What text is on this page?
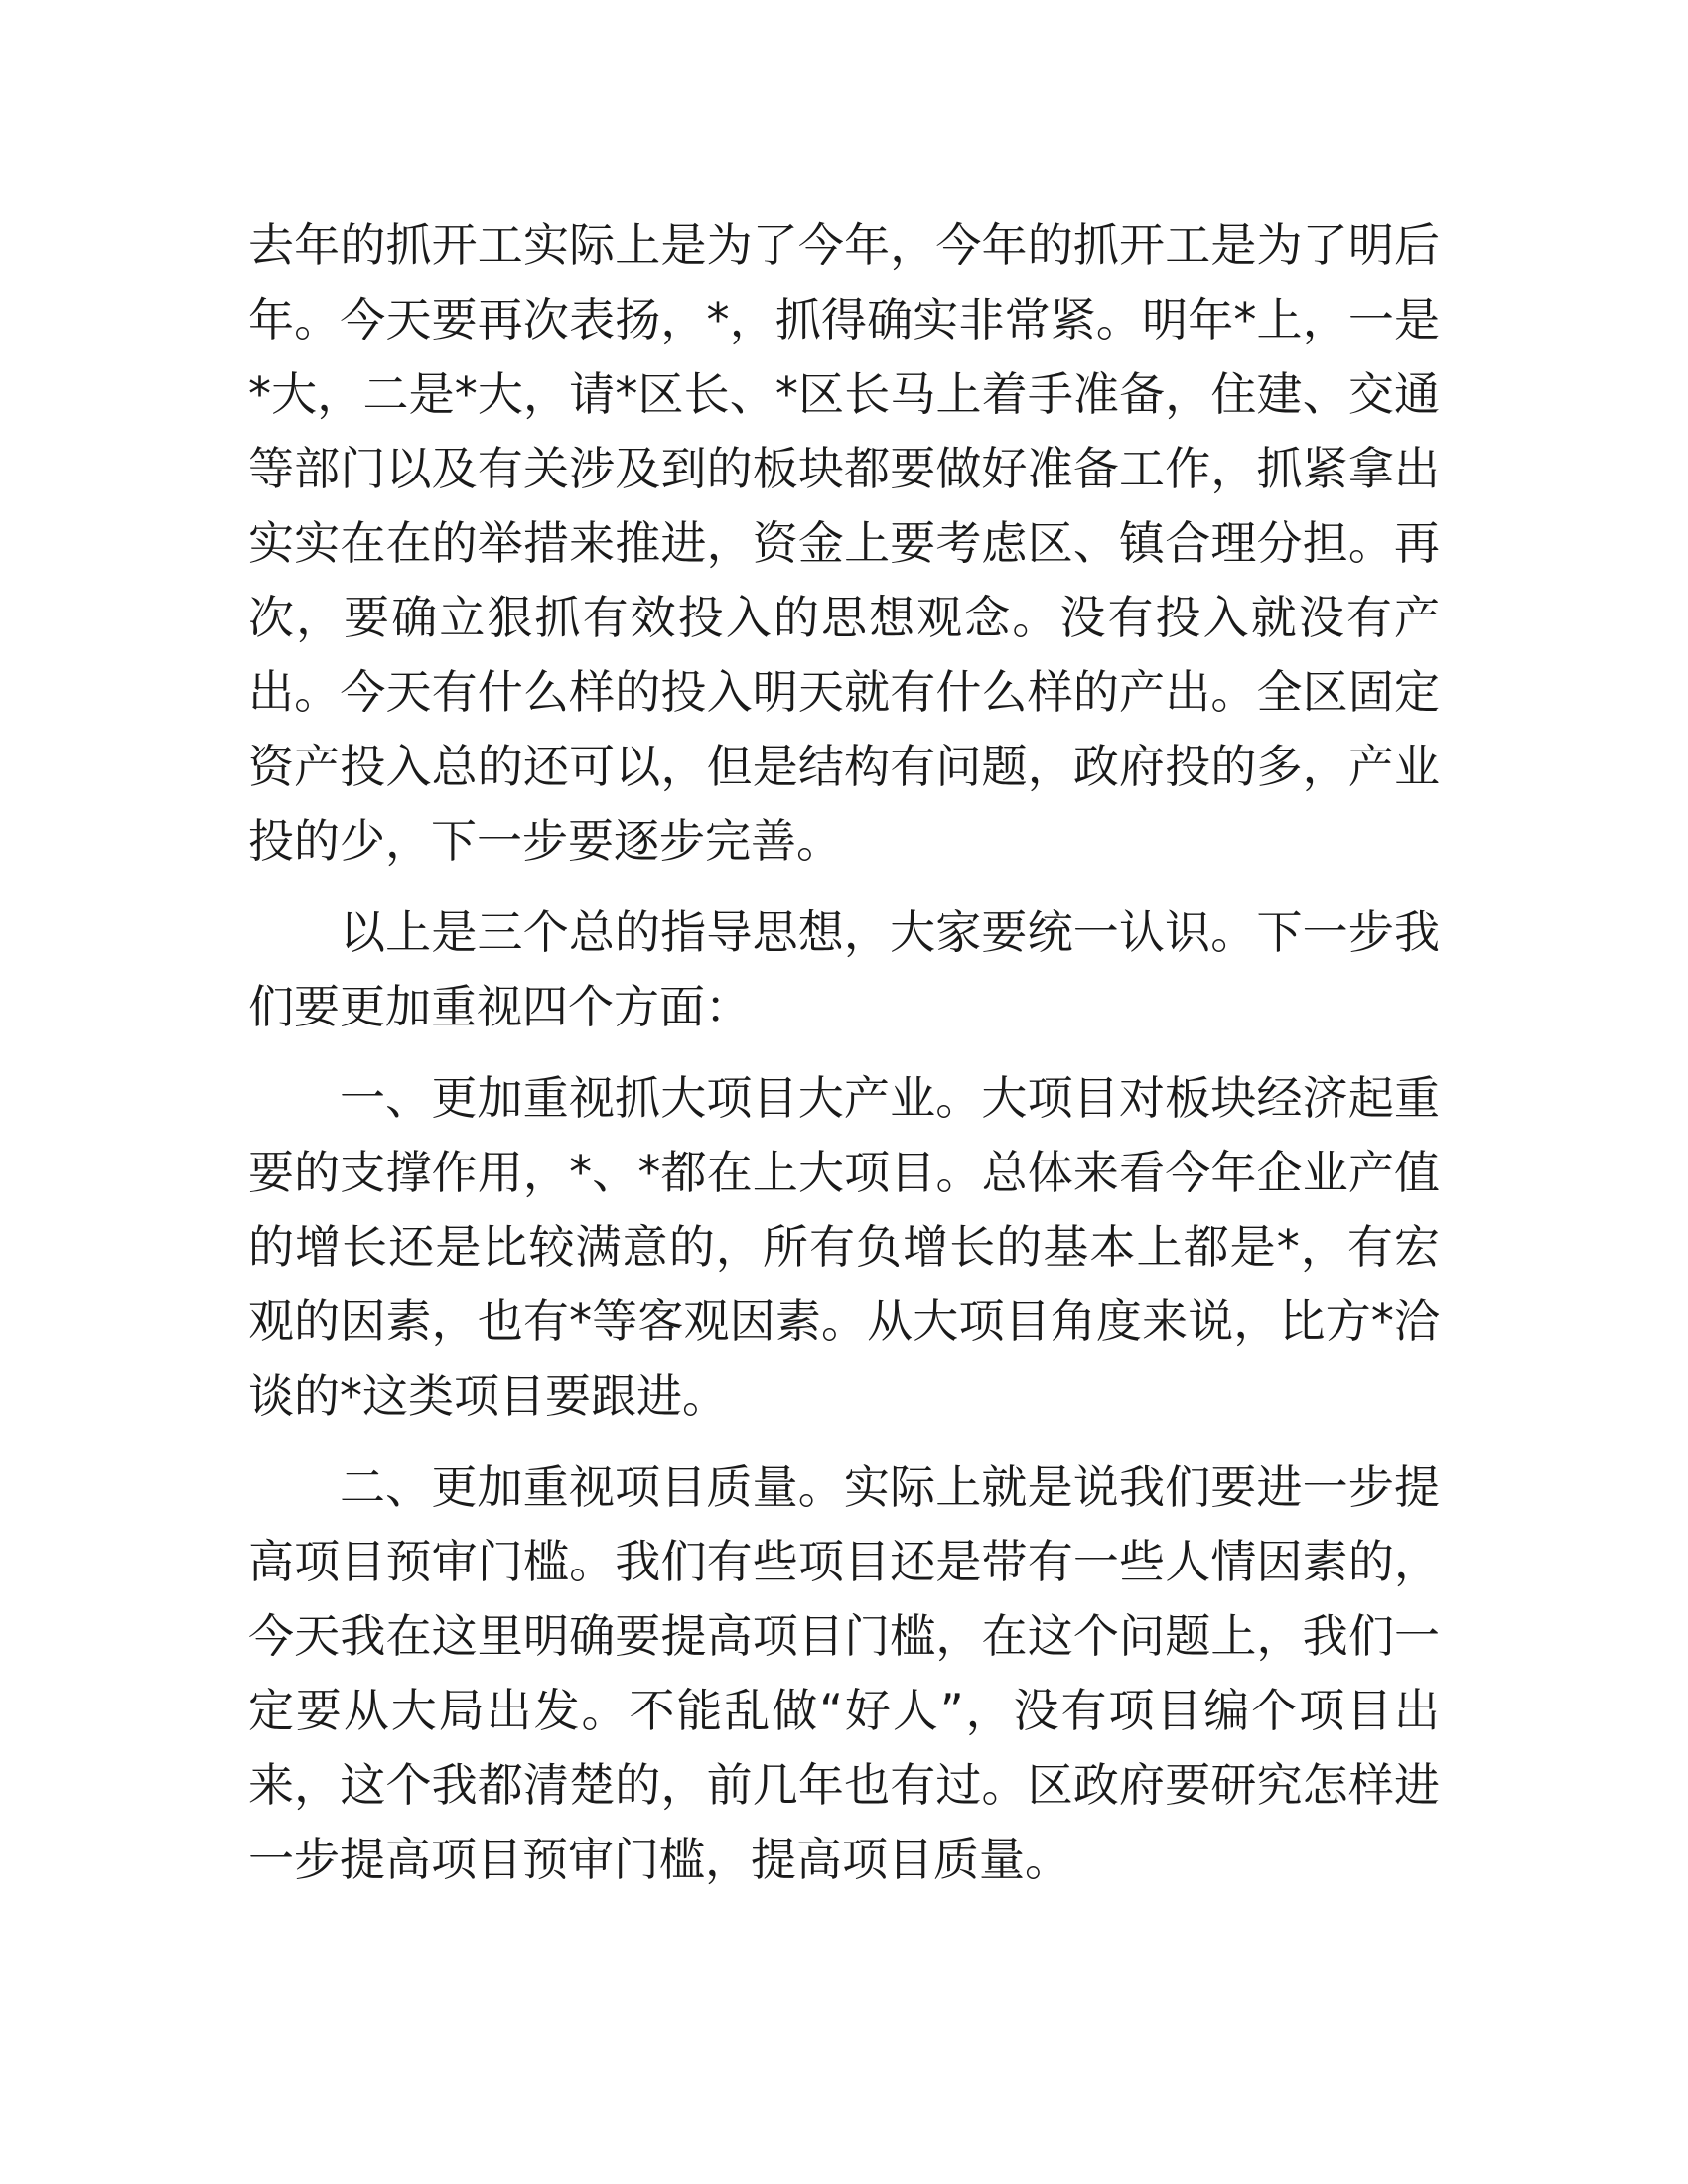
去年的抓开工实际上是为了今年，今年的抓开工是为了明后年。今天要再次表扬，*，抓得确实非常紧。明年*上，一是*大，二是*大，请*区长、*区长马上着手准备，住建、交通等部门以及有关涉及到的板块都要做好准备工作，抓紧拿出实实在在的举措来推进，资金上要考虑区、镇合理分担。再次，要确立狠抓有效投入的思想观念。没有投入就没有产出。今天有什么样的投入明天就有什么样的产出。全区固定资产投入总的还可以，但是结构有问题，政府投的多，产业投的少，下一步要逐步完善。

以上是三个总的指导思想，大家要统一认识。下一步我们要更加重视四个方面：

一、更加重视抓大项目大产业。大项目对板块经济起重要的支撑作用，*、*都在上大项目。总体来看今年企业产值的增长还是比较满意的，所有负增长的基本上都是*，有宏观的因素，也有*等客观因素。从大项目角度来说，比方*洽谈的*这类项目要跟进。

二、更加重视项目质量。实际上就是说我们要进一步提高项目预审门槛。我们有些项目还是带有一些人情因素的，今天我在这里明确要提高项目门槛，在这个问题上，我们一定要从大局出发。不能乱做“好人”，没有项目编个项目出来，这个我都清楚的，前几年也有过。区政府要研究怎样进一步提高项目预审门槛，提高项目质量。
